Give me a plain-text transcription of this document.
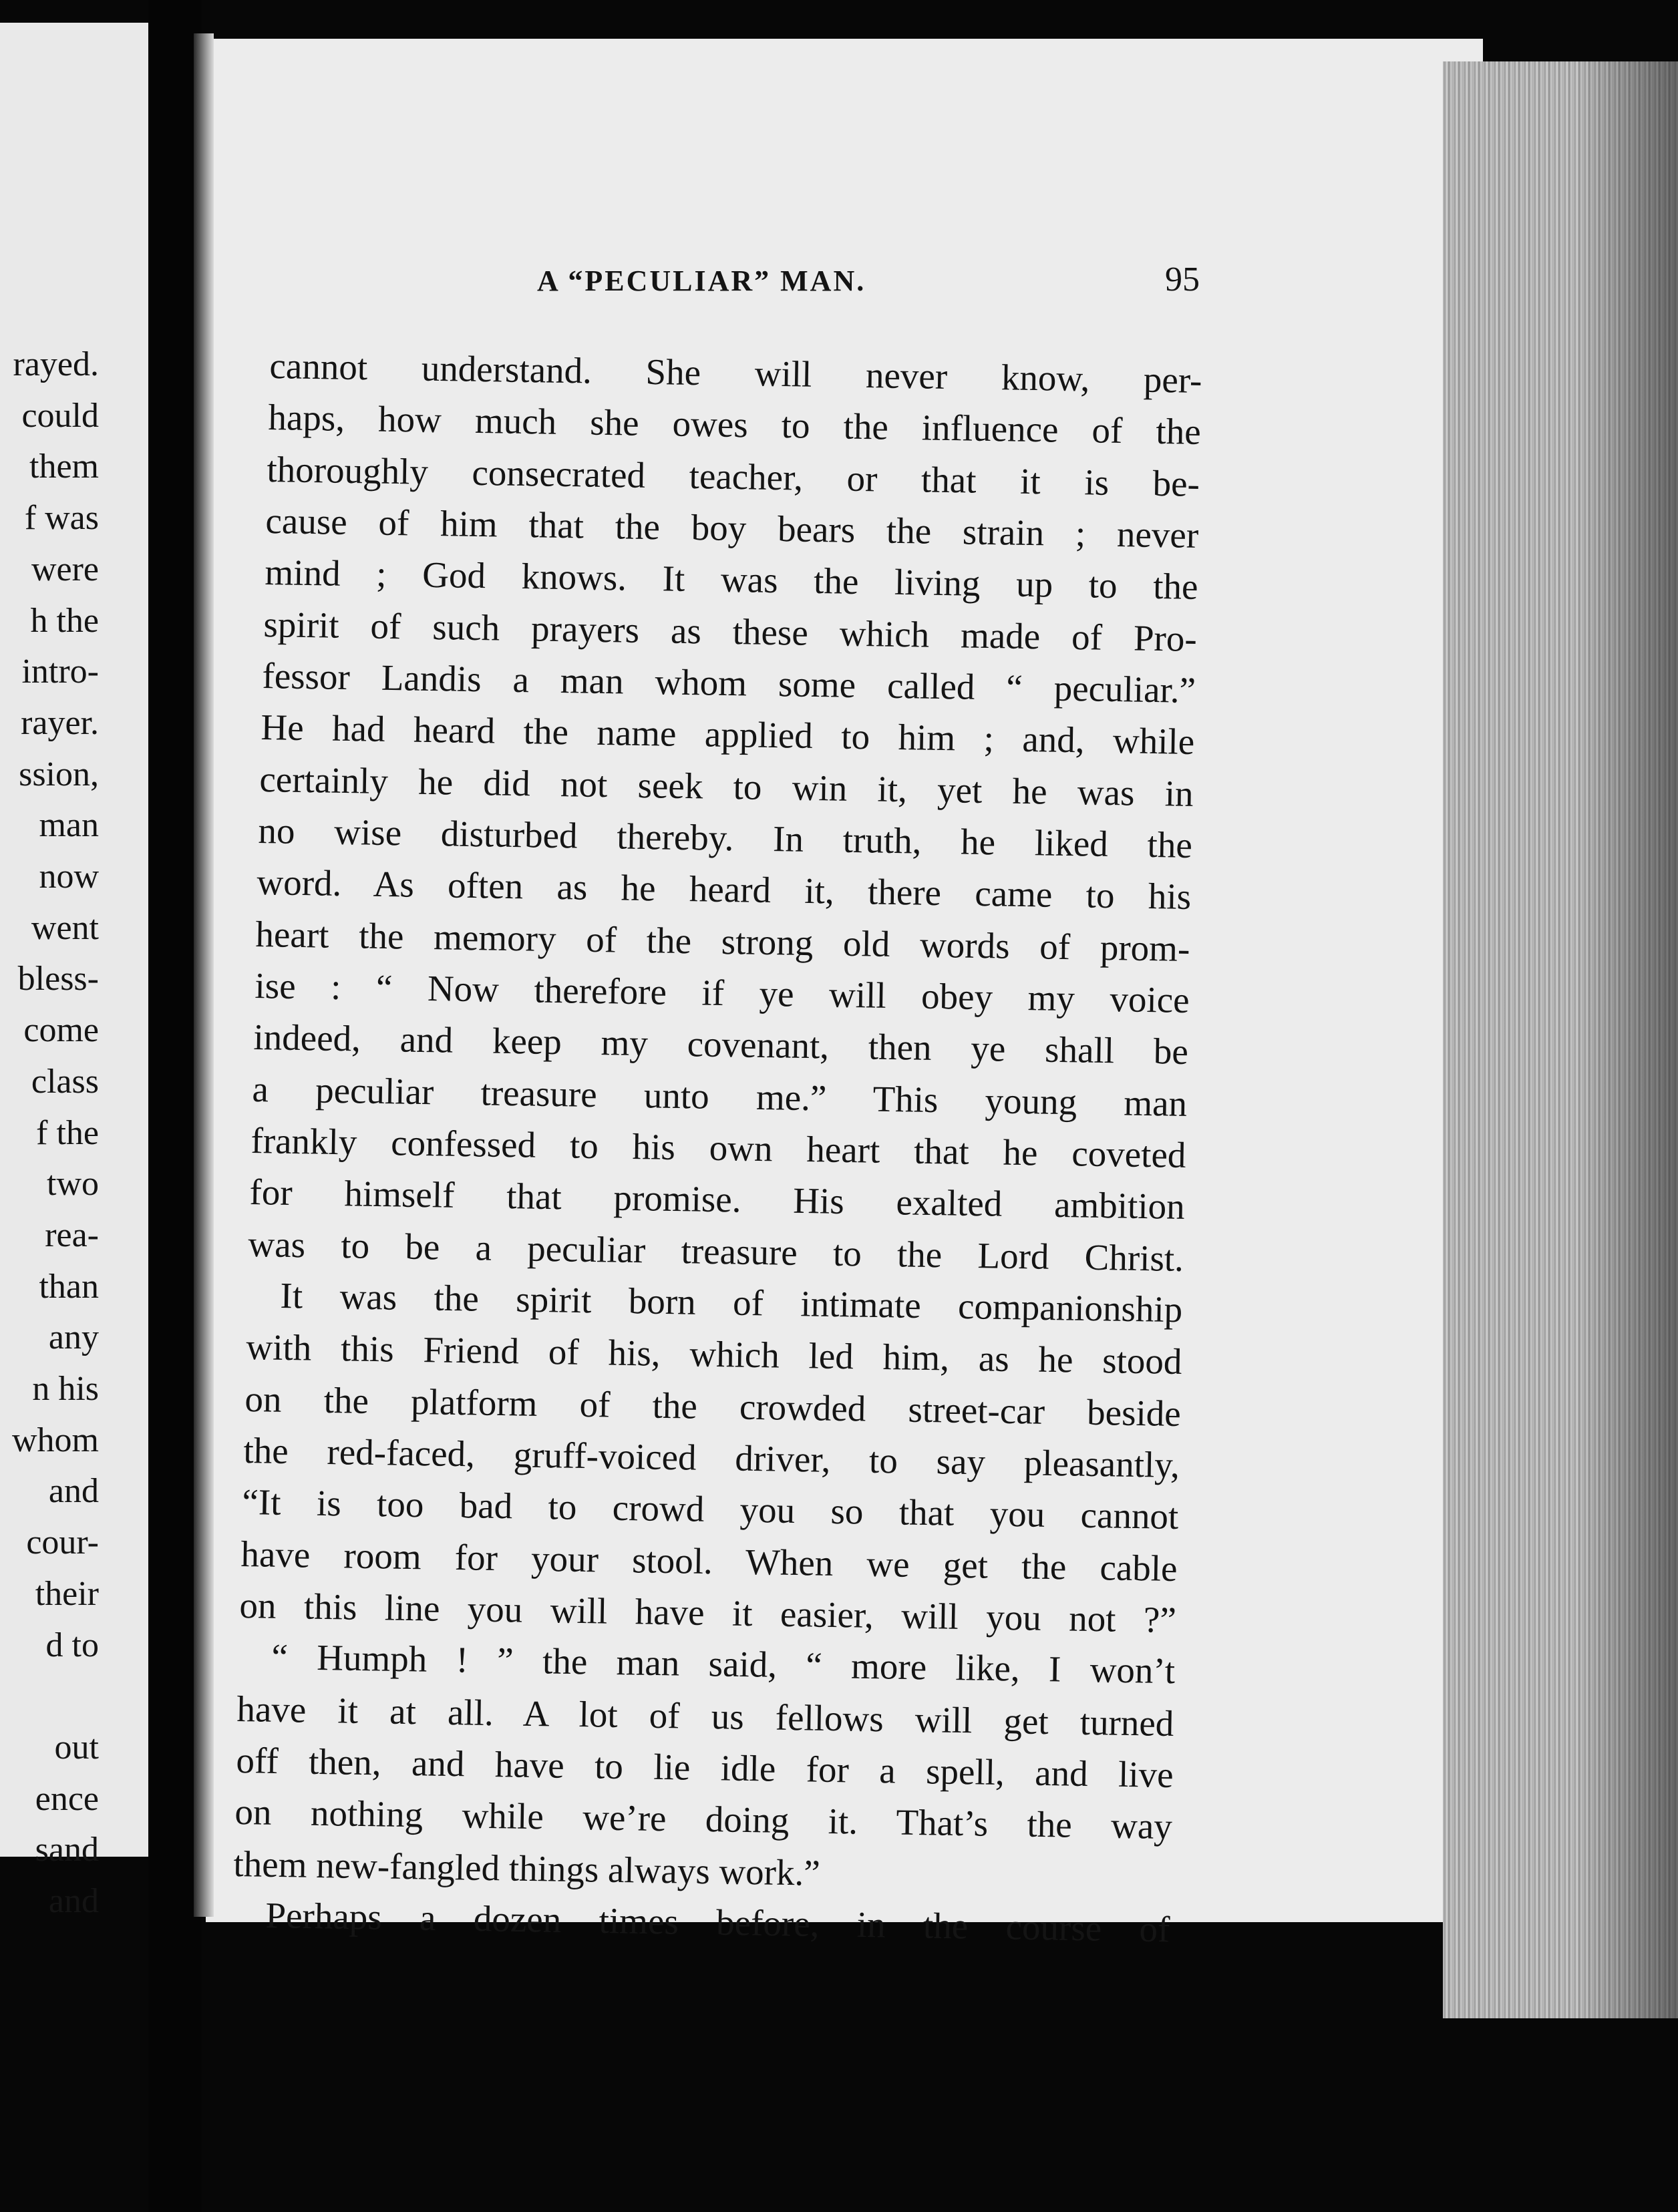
rayed.
could
them
f was
were
h the
intro-
rayer.
ssion,
man
now
went
bless-
come
class
f the
two
rea-
than
any
n his
whom
and
cour-
their
d to
out
ence
sand
and
A “PECULIAR” MAN.	95
cannot understand. She will never know, per-
haps, how much she owes to the influence of the
thoroughly consecrated teacher, or that it is be-
cause of him that the boy bears the strain ; never
mind ; God knows. It was the living up to the
spirit of such prayers as these which made of Pro-
fessor Landis a man whom some called “ peculiar.”
He had heard the name applied to him ; and, while
certainly he did not seek to win it, yet he was in
no wise disturbed thereby. In truth, he liked the
word. As often as he heard it, there came to his
heart the memory of the strong old words of prom-
ise : “ Now therefore if ye will obey my voice
indeed, and keep my covenant, then ye shall be
a peculiar treasure unto me.” This young man
frankly confessed to his own heart that he coveted
for himself that promise. His exalted ambition
was to be a peculiar treasure to the Lord Christ.
It was the spirit born of intimate companionship
with this Friend of his, which led him, as he stood
on the platform of the crowded street-car beside
the red-faced, gruff-voiced driver, to say pleasantly,
“It is too bad to crowd you so that you cannot
have room for your stool. When we get the cable
on this line you will have it easier, will you not ?”
“ Humph ! ” the man said, “ more like, I won’t
have it at all. A lot of us fellows will get turned
off then, and have to lie idle for a spell, and live
on nothing while we’re doing it. That’s the way
them new-fangled things always work.”
Perhaps a dozen times before, in the course of
